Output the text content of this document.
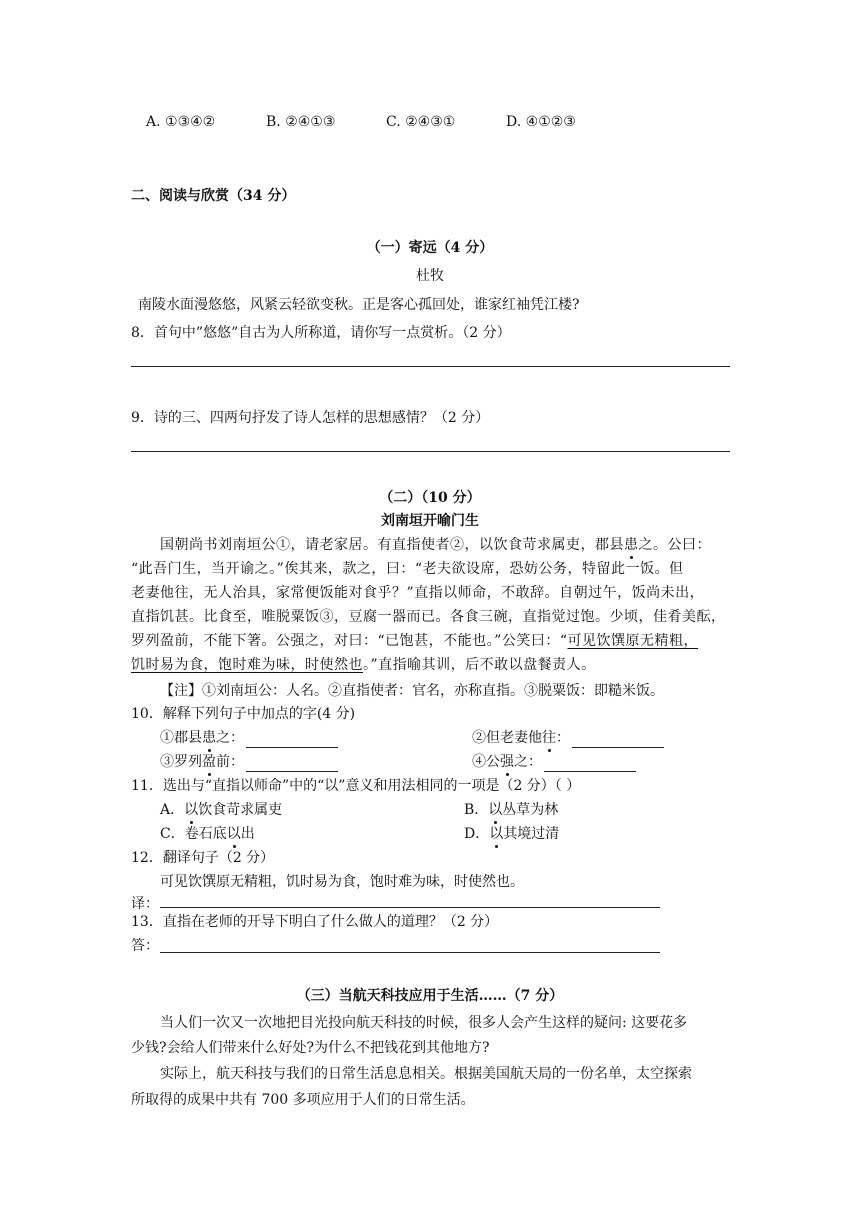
A. ①③④②	B. ②④①③	C. ②④③①	D. ④①②③
二、阅读与欣赏（34 分）
（一）寄远（4 分）
杜牧
南陵水面漫悠悠，风紧云轻欲变秋。正是客心孤回处，谁家红袖凭江楼?
8．首句中”悠悠”自古为人所称道，请你写一点赏析。（2 分）
9．诗的三、四两句抒发了诗人怎样的思想感情？（2 分）
（二）（10 分）
刘南垣开喻门生
国朝尚书刘南垣公①，请老家居。有直指使者②，以饮食苛求属吏，郡县患之。公曰：
“此吾门生，当开谕之。”俟其来，款之，曰：“老夫欲设席，恐妨公务，特留此一饭。但
老妻他往，无人治具，家常便饭能对食乎？”直指以师命，不敢辞。自朝过午，饭尚未出，
直指饥甚。比食至，唯脱粟饭③，豆腐一器而已。各食三碗，直指觉过饱。少顷，佳肴美酝，
罗列盈前，不能下箸。公强之，对曰：“已饱甚，不能也。”公笑曰：“可见饮馔原无精粗，
饥时易为食，饱时难为味，时使然也。”直指喻其训，后不敢以盘餐责人。
【注】①刘南垣公：人名。②直指使者：官名，亦称直指。③脱粟饭：即糙米饭。
10．解释下列句子中加点的字(4 分)
①郡县患之：	②但老妻他往：
③罗列盈前：	④公强之：
11．选出与“直指以师命”中的“以”意义和用法相同的一项是（2 分）（ ）
A．以饮食苛求属吏	B．以丛草为林
C．卷石底以出	D．以其境过清
12．翻译句子（2 分）
可见饮馔原无精粗，饥时易为食，饱时难为味，时使然也。
译：
13．直指在老师的开导下明白了什么做人的道理？（2 分）
答：
（三）当航天科技应用于生活……（7 分）
当人们一次又一次地把目光投向航天科技的时候，很多人会产生这样的疑问: 这要花多
少钱?会给人们带来什么好处?为什么不把钱花到其他地方?
实际上，航天科技与我们的日常生活息息相关。根据美国航天局的一份名单，太空探索
所取得的成果中共有 700 多项应用于人们的日常生活。
